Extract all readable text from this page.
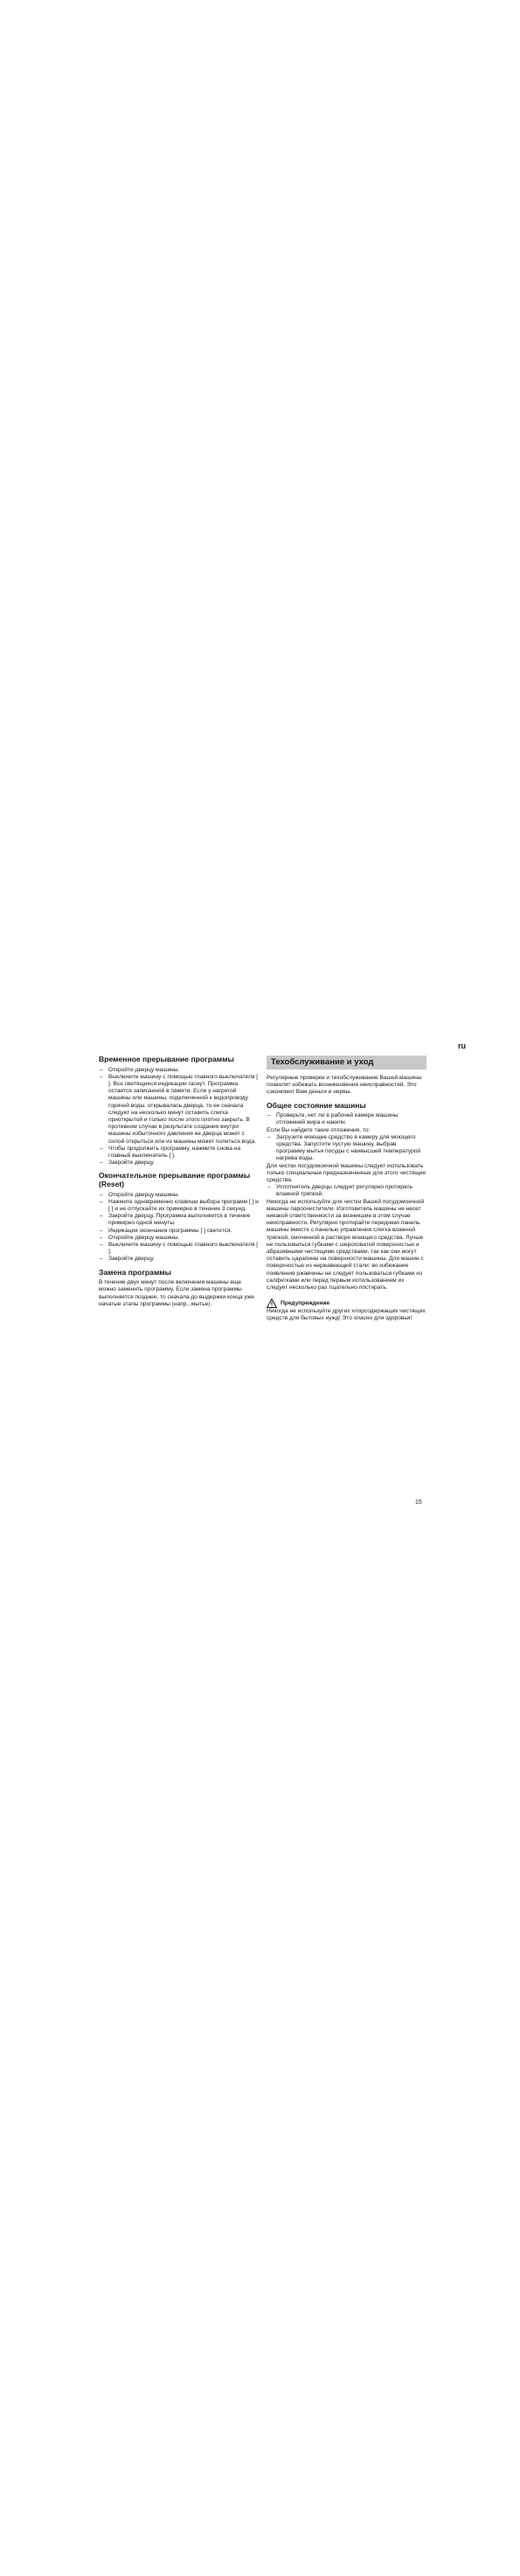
ru
Временное прерывание программы
– Откройте дверцу машины.
– Выключите машину с помощью главного выключателя [ ]. Все светящиеся индикации гаснут. Программа остается записанной в памяти. Если у нагретой машины или машины, подключенной к водопроводу горячей воды, открывалась дверца, то ее сначала следует на несколько минут оставить слегка приоткрытой и только после этого плотно закрыть. В противном случае в результате создания внутри машины избыточного давления ее дверца может с силой открыться или из машины может политься вода.
– Чтобы продолжить программу, нажмите снова на главный выключатель [ ].
– Закройте дверцу.
Окончательное прерывание программы (Reset)
– Откройте дверцу машины.
– Нажмите одновременно клавиши выбора программ [ ] и [ ] и не отпускайте их примерно в течение 3 секунд.
– Закройте дверцу. Программа выполняется в течение примерно одной минуты.
– Индикация окончания программы [ ] светится.
– Откройте дверцу машины.
– Выключите машину с помощью главного выключателя [ ].
– Закройте дверцу.
Замена программы

В течение двух минут после включения машины еще можно заменить программу. Если замена программы выполняется позднее, то сначала до выдержки конца уже начатые этапы программы (напр., мытье).

Техобслуживание и уход

Регулярные проверки и техобслуживание Вашей машины позволят избежать возникновения неисправностей. Это сэкономит Вам деньги и нервы.

Общее состояние машины
– Проверьте, нет ли в рабочей камере машины отложений жира и накипи.

Если Вы найдете такие отложения, то:

– Загрузите моющее средство в камеру для моющего средства. Запустите пустую машину, выбрав программу мытья посуды с наивысшей температурой нагрева воды.

Для чистки посудомоечной машины следует использовать только специальные предназначенные для этого чистящие средства.

– Уплотнитель дверцы следует регулярно протирать влажной тряпкой.

Никогда не используйте для чистки Вашей посудомоечной машины пароочистители. Изготовитель машины не несет никакой ответственности за возникшие в этом случае неисправности. Регулярно протирайте переднюю панель машины вместе с панелью управления слегка влажной тряпкой, смоченной в растворе моющего средства. Лучше не пользоваться губками с шероховатой поверхностью и абразивными чистящими средствами, так как они могут оставить царапины на поверхности машины. Для машин с поверхностью из нержавеющей стали: во избежание появления ржавчины не следует пользоваться губками из салфетками или перед первым использованием их следует несколько раз тщательно постирать.

Предупреждение

Никогда не используйте других хлорсодержащих чистящих средств для бытовых нужд! Это опасно для здоровья!

15
